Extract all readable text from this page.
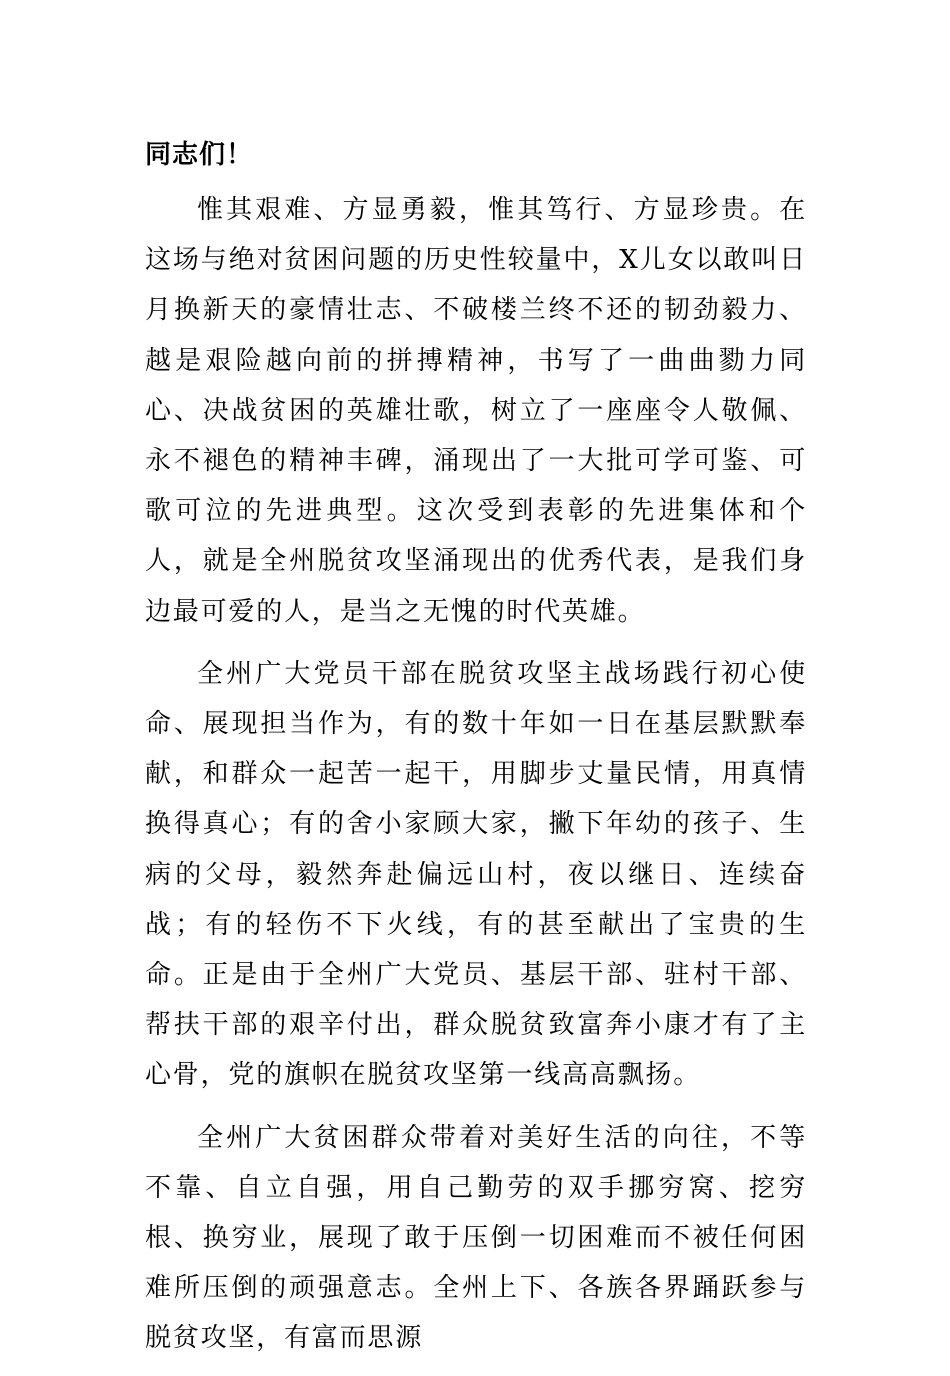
同志们！

惟其艰难、方显勇毅，惟其笃行、方显珍贵。在这场与绝对贫困问题的历史性较量中，X儿女以敢叫日月换新天的豪情壮志、不破楼兰终不还的韧劲毅力、越是艰险越向前的拼搏精神，书写了一曲曲勠力同心、决战贫困的英雄壮歌，树立了一座座令人敬佩、永不褪色的精神丰碑，涌现出了一大批可学可鉴、可歌可泣的先进典型。这次受到表彰的先进集体和个人，就是全州脱贫攻坚涌现出的优秀代表，是我们身边最可爱的人，是当之无愧的时代英雄。

全州广大党员干部在脱贫攻坚主战场践行初心使命、展现担当作为，有的数十年如一日在基层默默奉献，和群众一起苦一起干，用脚步丈量民情，用真情换得真心；有的舍小家顾大家，撇下年幼的孩子、生病的父母，毅然奔赴偏远山村，夜以继日、连续奋战；有的轻伤不下火线，有的甚至献出了宝贵的生命。正是由于全州广大党员、基层干部、驻村干部、帮扶干部的艰辛付出，群众脱贫致富奔小康才有了主心骨，党的旗帜在脱贫攻坚第一线高高飘扬。

全州广大贫困群众带着对美好生活的向往，不等不靠、自立自强，用自己勤劳的双手挪穷窝、挖穷根、换穷业，展现了敢于压倒一切困难而不被任何困难所压倒的顽强意志。全州上下、各族各界踊跃参与脱贫攻坚，有富而思源
